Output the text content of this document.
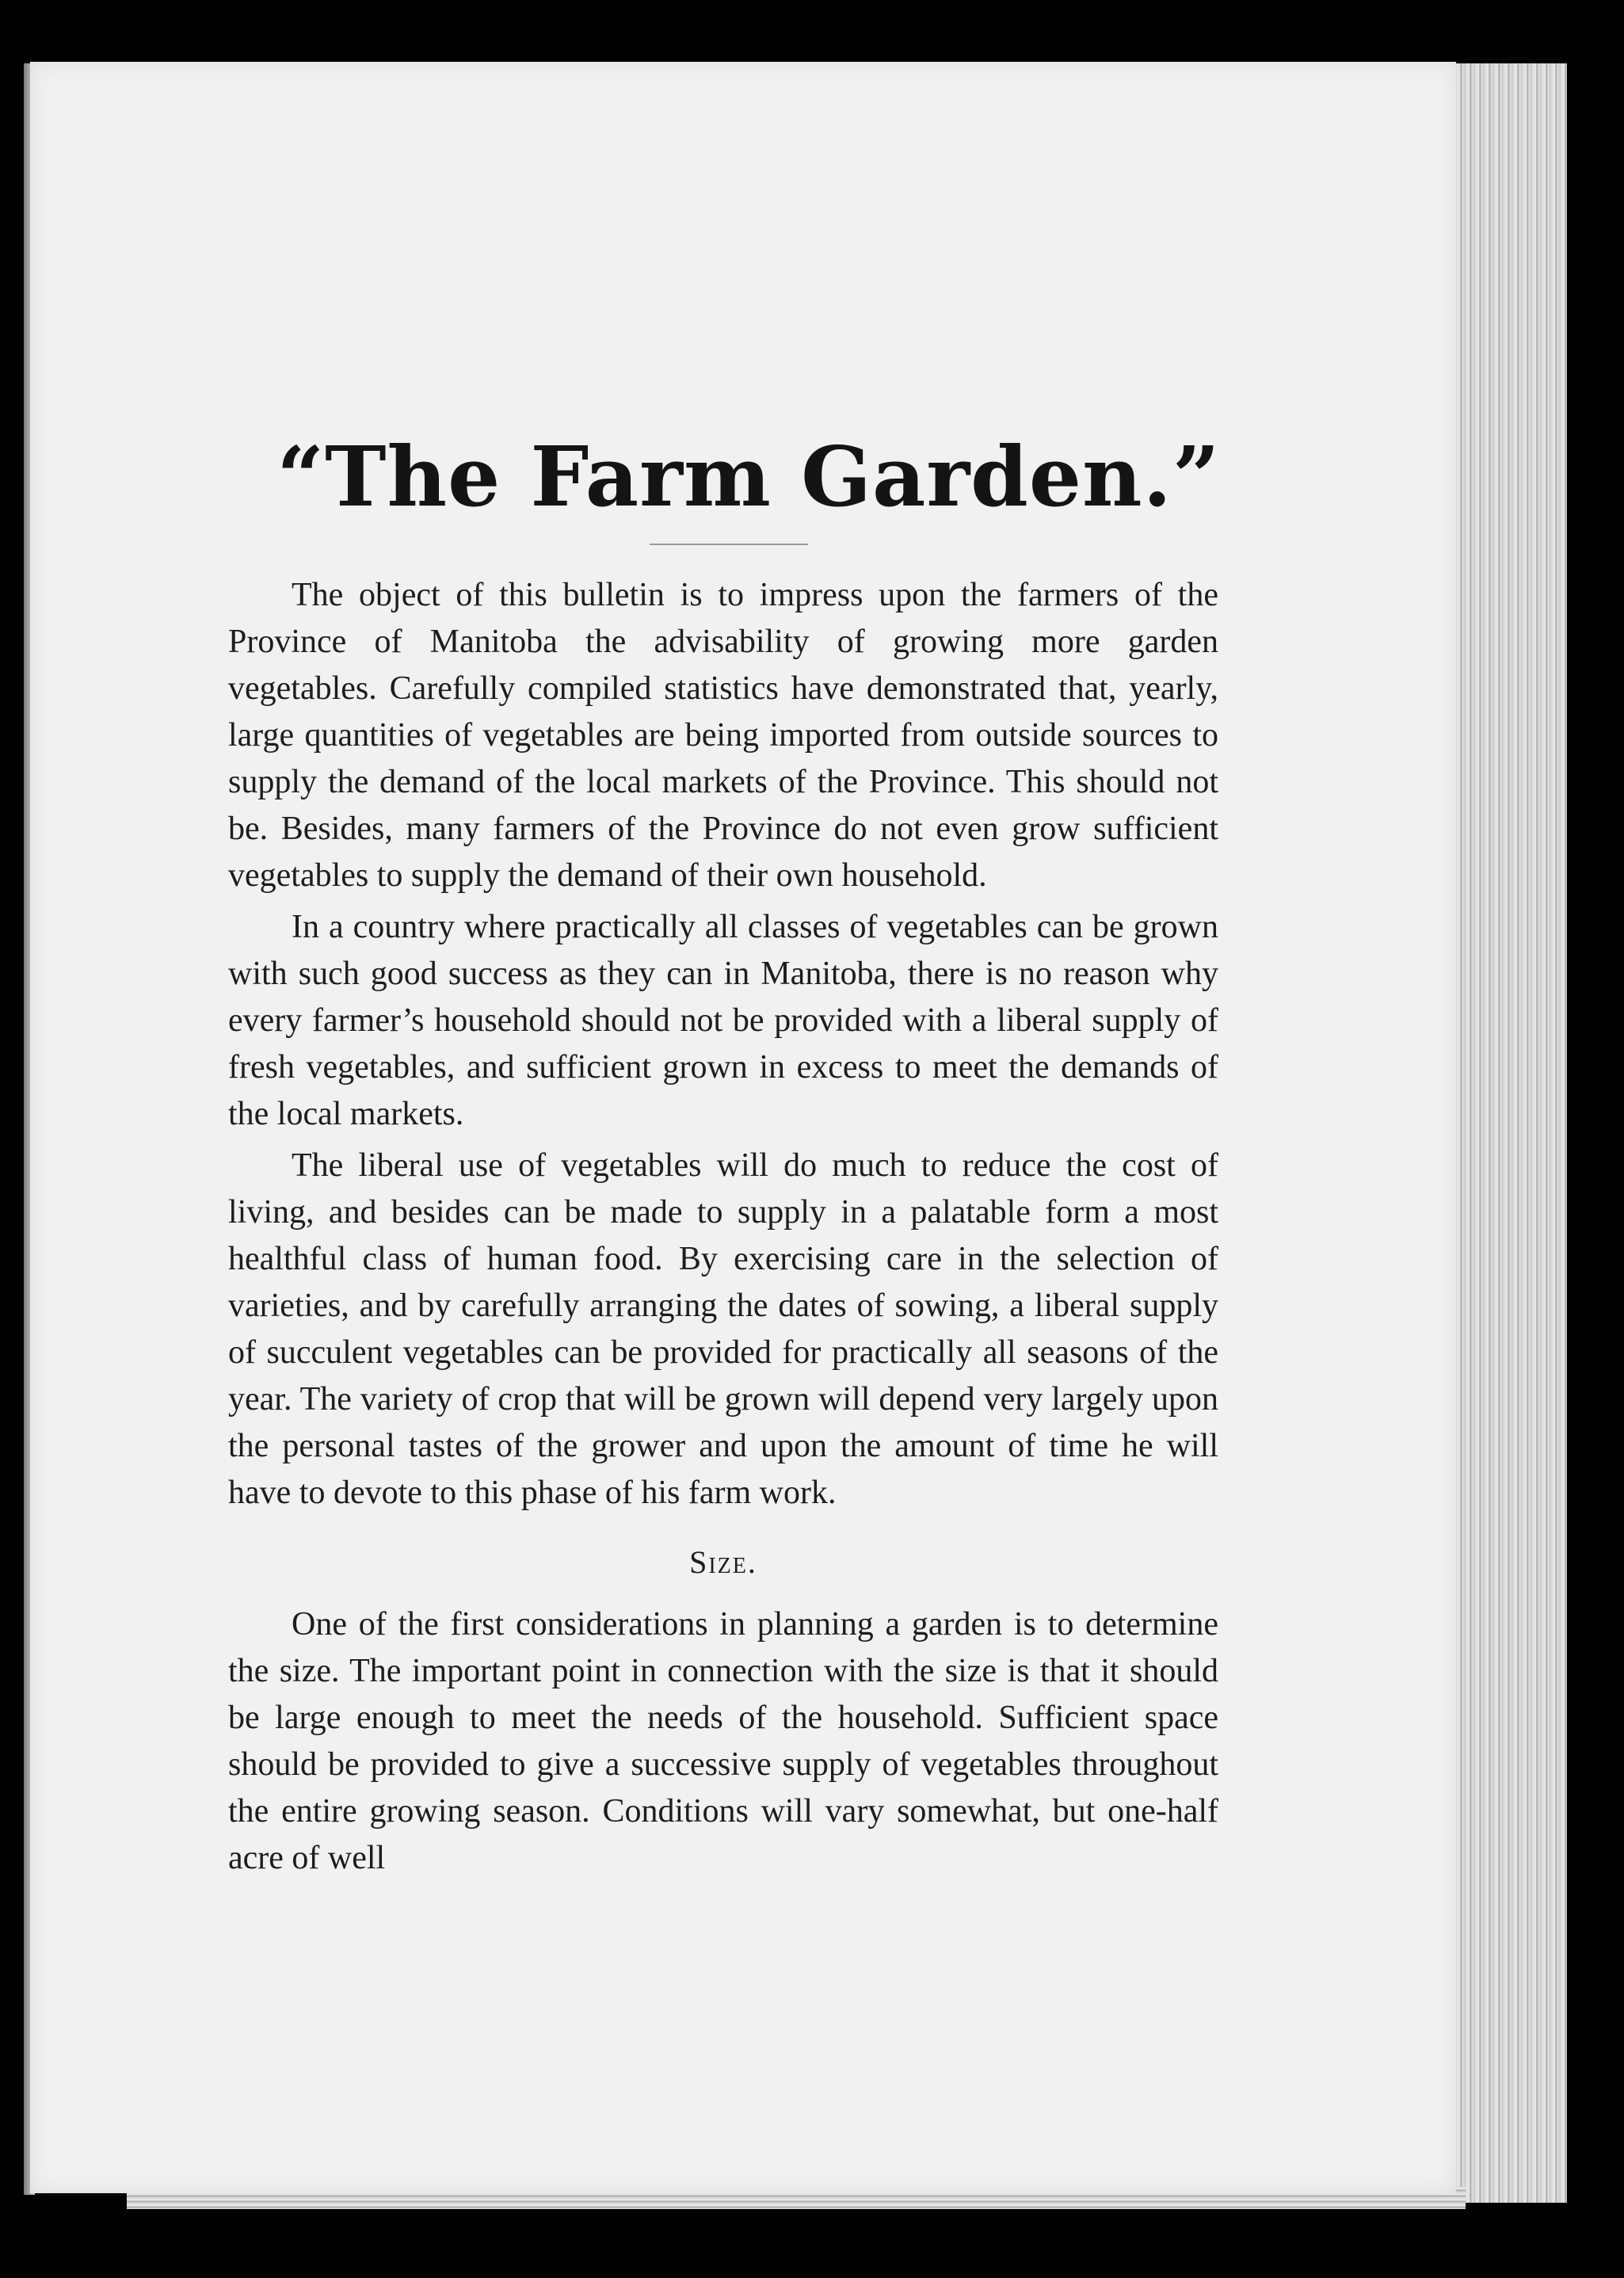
“The Farm Garden.”

The object of this bulletin is to impress upon the farmers of the Province of Manitoba the advisability of growing more garden vegetables. Carefully compiled statistics have demonstrated that, yearly, large quantities of vegetables are being imported from outside sources to supply the demand of the local markets of the Province. This should not be. Besides, many farmers of the Province do not even grow sufficient vegetables to supply the demand of their own household.

In a country where practically all classes of vegetables can be grown with such good success as they can in Manitoba, there is no reason why every farmer’s household should not be provided with a liberal supply of fresh vegetables, and sufficient grown in excess to meet the demands of the local markets.

The liberal use of vegetables will do much to reduce the cost of living, and besides can be made to supply in a palatable form a most healthful class of human food. By exercising care in the selection of varieties, and by carefully arranging the dates of sowing, a liberal supply of succulent vegetables can be provided for practically all seasons of the year. The variety of crop that will be grown will depend very largely upon the personal tastes of the grower and upon the amount of time he will have to devote to this phase of his farm work.

Size.

One of the first considerations in planning a garden is to determine the size. The important point in connection with the size is that it should be large enough to meet the needs of the household. Sufficient space should be provided to give a successive supply of vegetables throughout the entire growing season. Conditions will vary somewhat, but one-half acre of well
